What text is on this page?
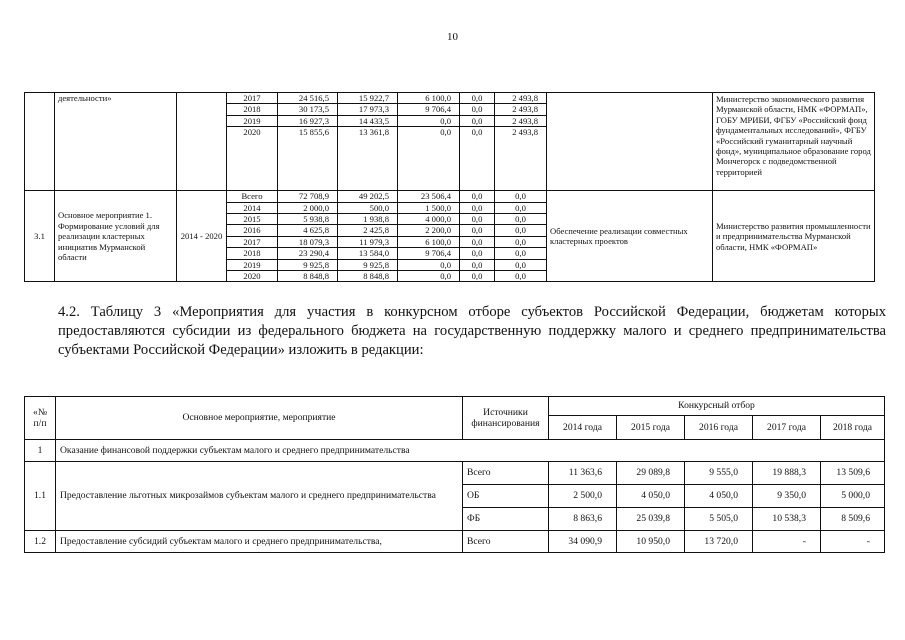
10
	деятельности»		2017	24 516,5	15 922,7	6 100,0	0,0	2 493,8		Министерство экономического развития Мурманской области, НМК «ФОРМАП», ГОБУ МРИБИ, ФГБУ «Российский фонд фундаментальных исследований», ФГБУ «Российский гуманитарный научный фонд», муниципальное образование город Мончегорск с подведомственной территорией
			2018	30 173,5	17 973,3	9 706,4	0,0	2 493,8		
			2019	16 927,3	14 433,5	0,0	0,0	2 493,8		
			2020	15 855,6	13 361,8	0,0	0,0	2 493,8		
3.1	Основное мероприятие 1. Формирование условий для реализации кластерных инициатив Мурманской области	2014 - 2020	Всего	72 708,9	49 202,5	23 506,4	0,0	0,0	Обеспечение реализации совместных кластерных проектов	Министерство развития промышленности и предпринимательства Мурманской области, НМК «ФОРМАП»
			2014	2 000,0	500,0	1 500,0	0,0	0,0		
			2015	5 938,8	1 938,8	4 000,0	0,0	0,0		
			2016	4 625,8	2 425,8	2 200,0	0,0	0,0		
			2017	18 079,3	11 979,3	6 100,0	0,0	0,0		
			2018	23 290,4	13 584,0	9 706,4	0,0	0,0		
			2019	9 925,8	9 925,8	0,0	0,0	0,0		
			2020	8 848,8	8 848,8	0,0	0,0	0,0		
4.2. Таблицу 3 «Мероприятия для участия в конкурсном отборе субъектов Российской Федерации, бюджетам которых предоставляются субсидии из федерального бюджета на государственную поддержку малого и среднего предпринимательства субъектами Российской Федерации» изложить в редакции:
«№ п/п	Основное мероприятие, мероприятие	Источники финансирования	Конкурсный отбор				
			2014 года	2015 года	2016 года	2017 года	2018 года
1	Оказание финансовой поддержки субъектам малого и среднего предпринимательства						
1.1	Предоставление льготных микрозаймов субъектам малого и среднего предпринимательства	Всего	11 363,6	29 089,8	9 555,0	19 888,3	13 509,6
		ОБ	2 500,0	4 050,0	4 050,0	9 350,0	5 000,0
		ФБ	8 863,6	25 039,8	5 505,0	10 538,3	8 509,6
1.2	Предоставление субсидий субъектам малого и среднего предпринимательства,	Всего	34 090,9	10 950,0	13 720,0	-	-
